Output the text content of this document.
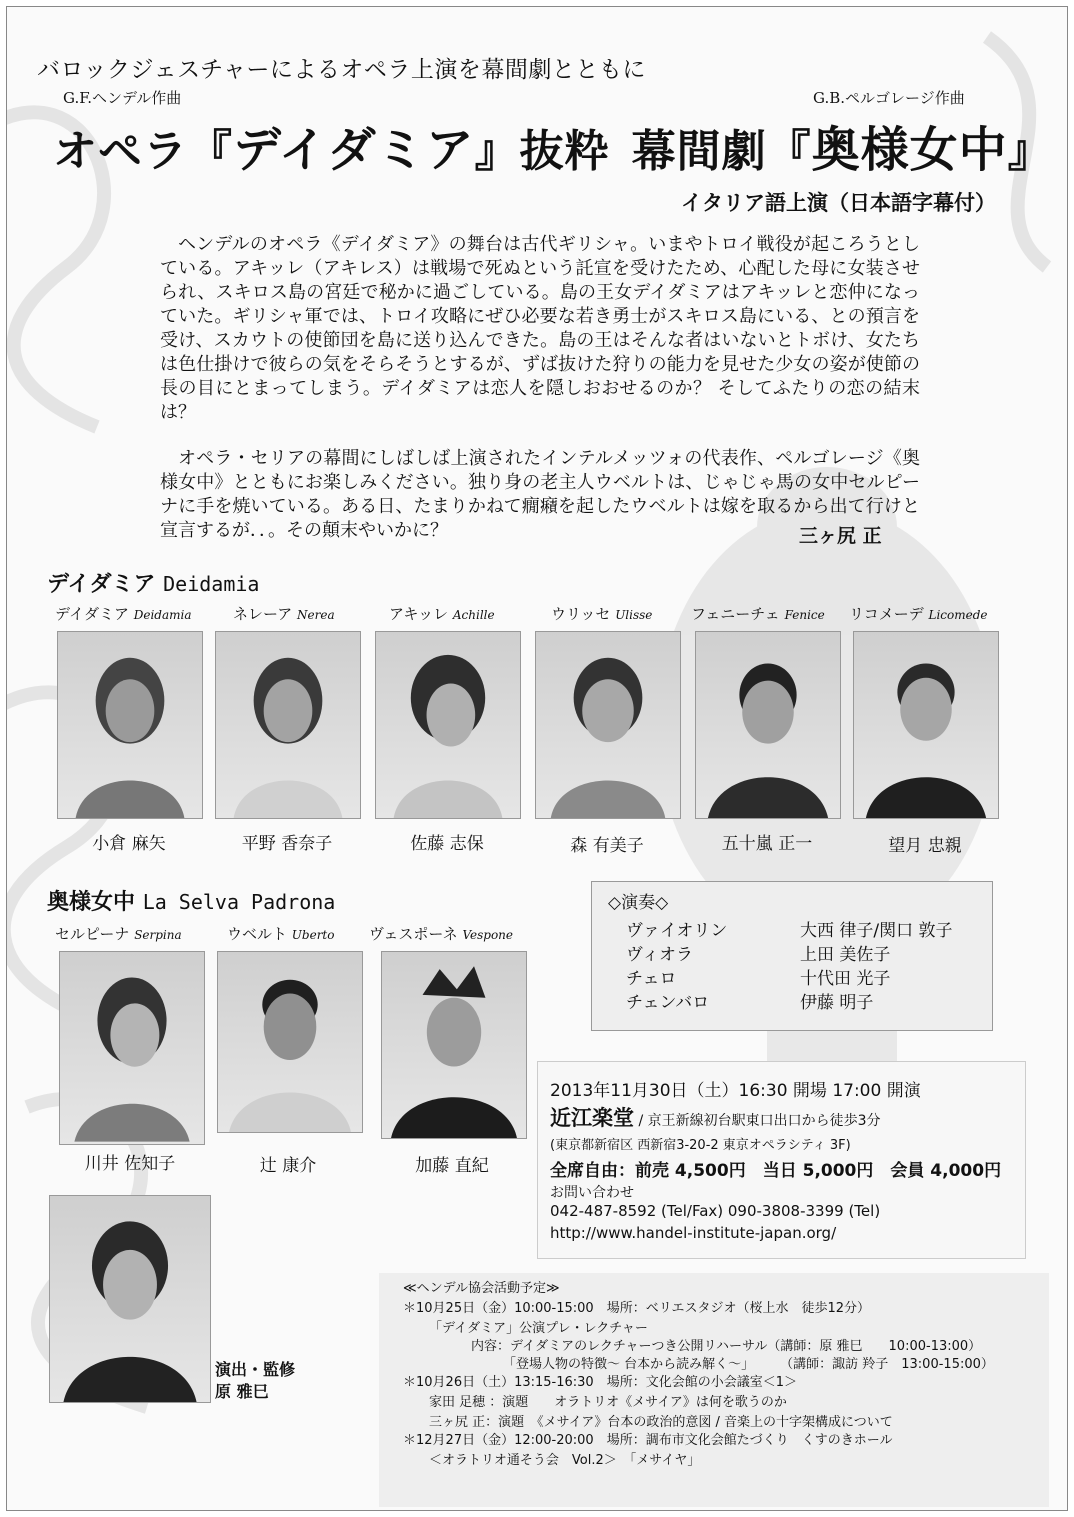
バロックジェスチャーによるオペラ上演を幕間劇とともに
G.F.ヘンデル作曲	G.B.ペルゴレージ作曲
オペラ『デイダミア』抜粋 幕間劇『奥様女中』
イタリア語上演（日本語字幕付）

ヘンデルのオペラ《デイダミア》の舞台は古代ギリシャ。いまやトロイ戦役が起ころうとしている。アキッレ（アキレス）は戦場で死ぬという託宣を受けたため、心配した母に女装させられ、スキロス島の宮廷で秘かに過ごしている。島の王女デイダミアはアキッレと恋仲になっていた。ギリシャ軍では、トロイ攻略にぜひ必要な若き勇士がスキロス島にいる、との預言を受け、スカウトの使節団を島に送り込んできた。島の王はそんな者はいないとトボけ、女たちは色仕掛けで彼らの気をそらそうとするが、ずば抜けた狩りの能力を見せた少女の姿が使節の長の目にとまってしまう。デイダミアは恋人を隠しおおせるのか？ そしてふたりの恋の結末は？

オペラ・セリアの幕間にしばしば上演されたインテルメッツォの代表作、ペルゴレージ《奥様女中》とともにお楽しみください。独り身の老主人ウベルトは、じゃじゃ馬の女中セルピーナに手を焼いている。ある日、たまりかねて癇癪を起したウベルトは嫁を取るから出て行けと宣言するが．．。その顛末やいかに？	三ヶ尻 正
デイダミア Deidamia
デイダミア Deidamia	ネレーア Nerea	アキッレ Achille	ウリッセ Ulisse	フェニーチェ Fenice リコメーデ Licomede
小倉 麻矢	平野 香奈子	佐藤 志保	森 有美子	五十嵐 正一	望月 忠親
奥様女中 La Selva Padrona
セルピーナ Serpina	ウベルト Uberto ヴェスポーネ Vespone
川井 佐知子	辻 康介	加藤 直紀
◇演奏◇
ヴァイオリン	大西 律子/関口 敦子
ヴィオラ	上田 美佐子
チェロ	十代田 光子
チェンバロ	伊藤 明子
2013年11月30日（土）16:30 開場 17:00 開演
近江楽堂 / 京王新線初台駅東口出口から徒歩3分
(東京都新宿区 西新宿3-20-2 東京オペラシティ 3F)
全席自由：前売 4,500円　当日 5,000円　会員 4,000円
お問い合わせ
042-487-8592 (Tel/Fax) 090-3808-3399 (Tel)
http://www.handel-institute-japan.org/
演出・監修
原 雅巳
≪ヘンデル協会活動予定≫
＊10月25日（金）10:00-15:00　場所：ベリエスタジオ（桜上水　徒歩12分）
「デイダミア」公演プレ・レクチャー
内容：デイダミアのレクチャーつき公開リハーサル（講師：原 雅巳　　10:00-13:00）
「登場人物の特徴〜 台本から読み解く〜」　　　（講師：諏訪 羚子　13:00-15:00）
＊10月26日（土）13:15-16:30　場所：文化会館の小会議室＜1＞
家田 足穂 ：演題　　オラトリオ《メサイア》は何を歌うのか
三ヶ尻 正：演題　《メサイア》台本の政治的意図 / 音楽上の十字架構成について
＊12月27日（金）12:00-20:00　場所：調布市文化会館たづくり　くすのきホール
＜オラトリオ通そう会　Vol.2＞　「メサイヤ」
